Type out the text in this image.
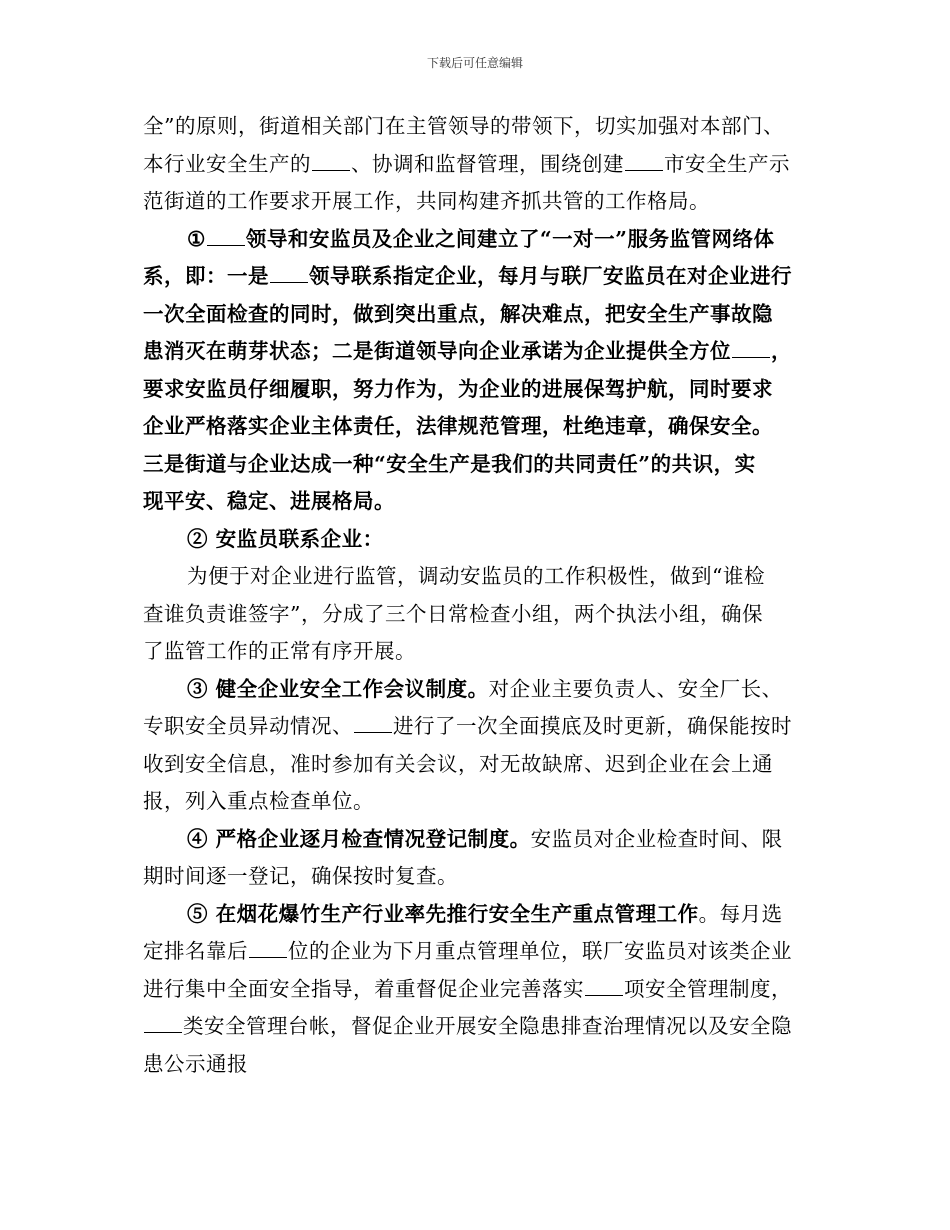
下载后可任意编辑
全”的原则，街道相关部门在主管领导的带领下，切实加强对本部门、
本行业安全生产的 、协调和监督管理，围绕创建 市安全生产示
范街道的工作要求开展工作，共同构建齐抓共管的工作格局。
① 领导和安监员及企业之间建立了“一对一”服务监管网络体
系，即：一是 领导联系指定企业，每月与联厂安监员在对企业进行
一次全面检查的同时，做到突出重点，解决难点，把安全生产事故隐
患消灭在萌芽状态；二是街道领导向企业承诺为企业提供全方位 ，
要求安监员仔细履职，努力作为，为企业的进展保驾护航，同时要求
企业严格落实企业主体责任，法律规范管理，杜绝违章，确保安全。
三是街道与企业达成一种“安全生产是我们的共同责任”的共识，实
现平安、稳定、进展格局。
② 安监员联系企业：
为便于对企业进行监管，调动安监员的工作积极性，做到“谁检
查谁负责谁签字”，分成了三个日常检查小组，两个执法小组，确保
了监管工作的正常有序开展。
③ 健全企业安全工作会议制度。对企业主要负责人、安全厂长、
专职安全员异动情况、 进行了一次全面摸底及时更新，确保能按时
收到安全信息，准时参加有关会议，对无故缺席、迟到企业在会上通
报，列入重点检查单位。
④ 严格企业逐月检查情况登记制度。安监员对企业检查时间、限
期时间逐一登记，确保按时复查。
⑤ 在烟花爆竹生产行业率先推行安全生产重点管理工作。每月选
定排名靠后 位的企业为下月重点管理单位，联厂安监员对该类企业
进行集中全面安全指导，着重督促企业完善落实 项安全管理制度，
类安全管理台帐，督促企业开展安全隐患排查治理情况以及安全隐
患公示通报
